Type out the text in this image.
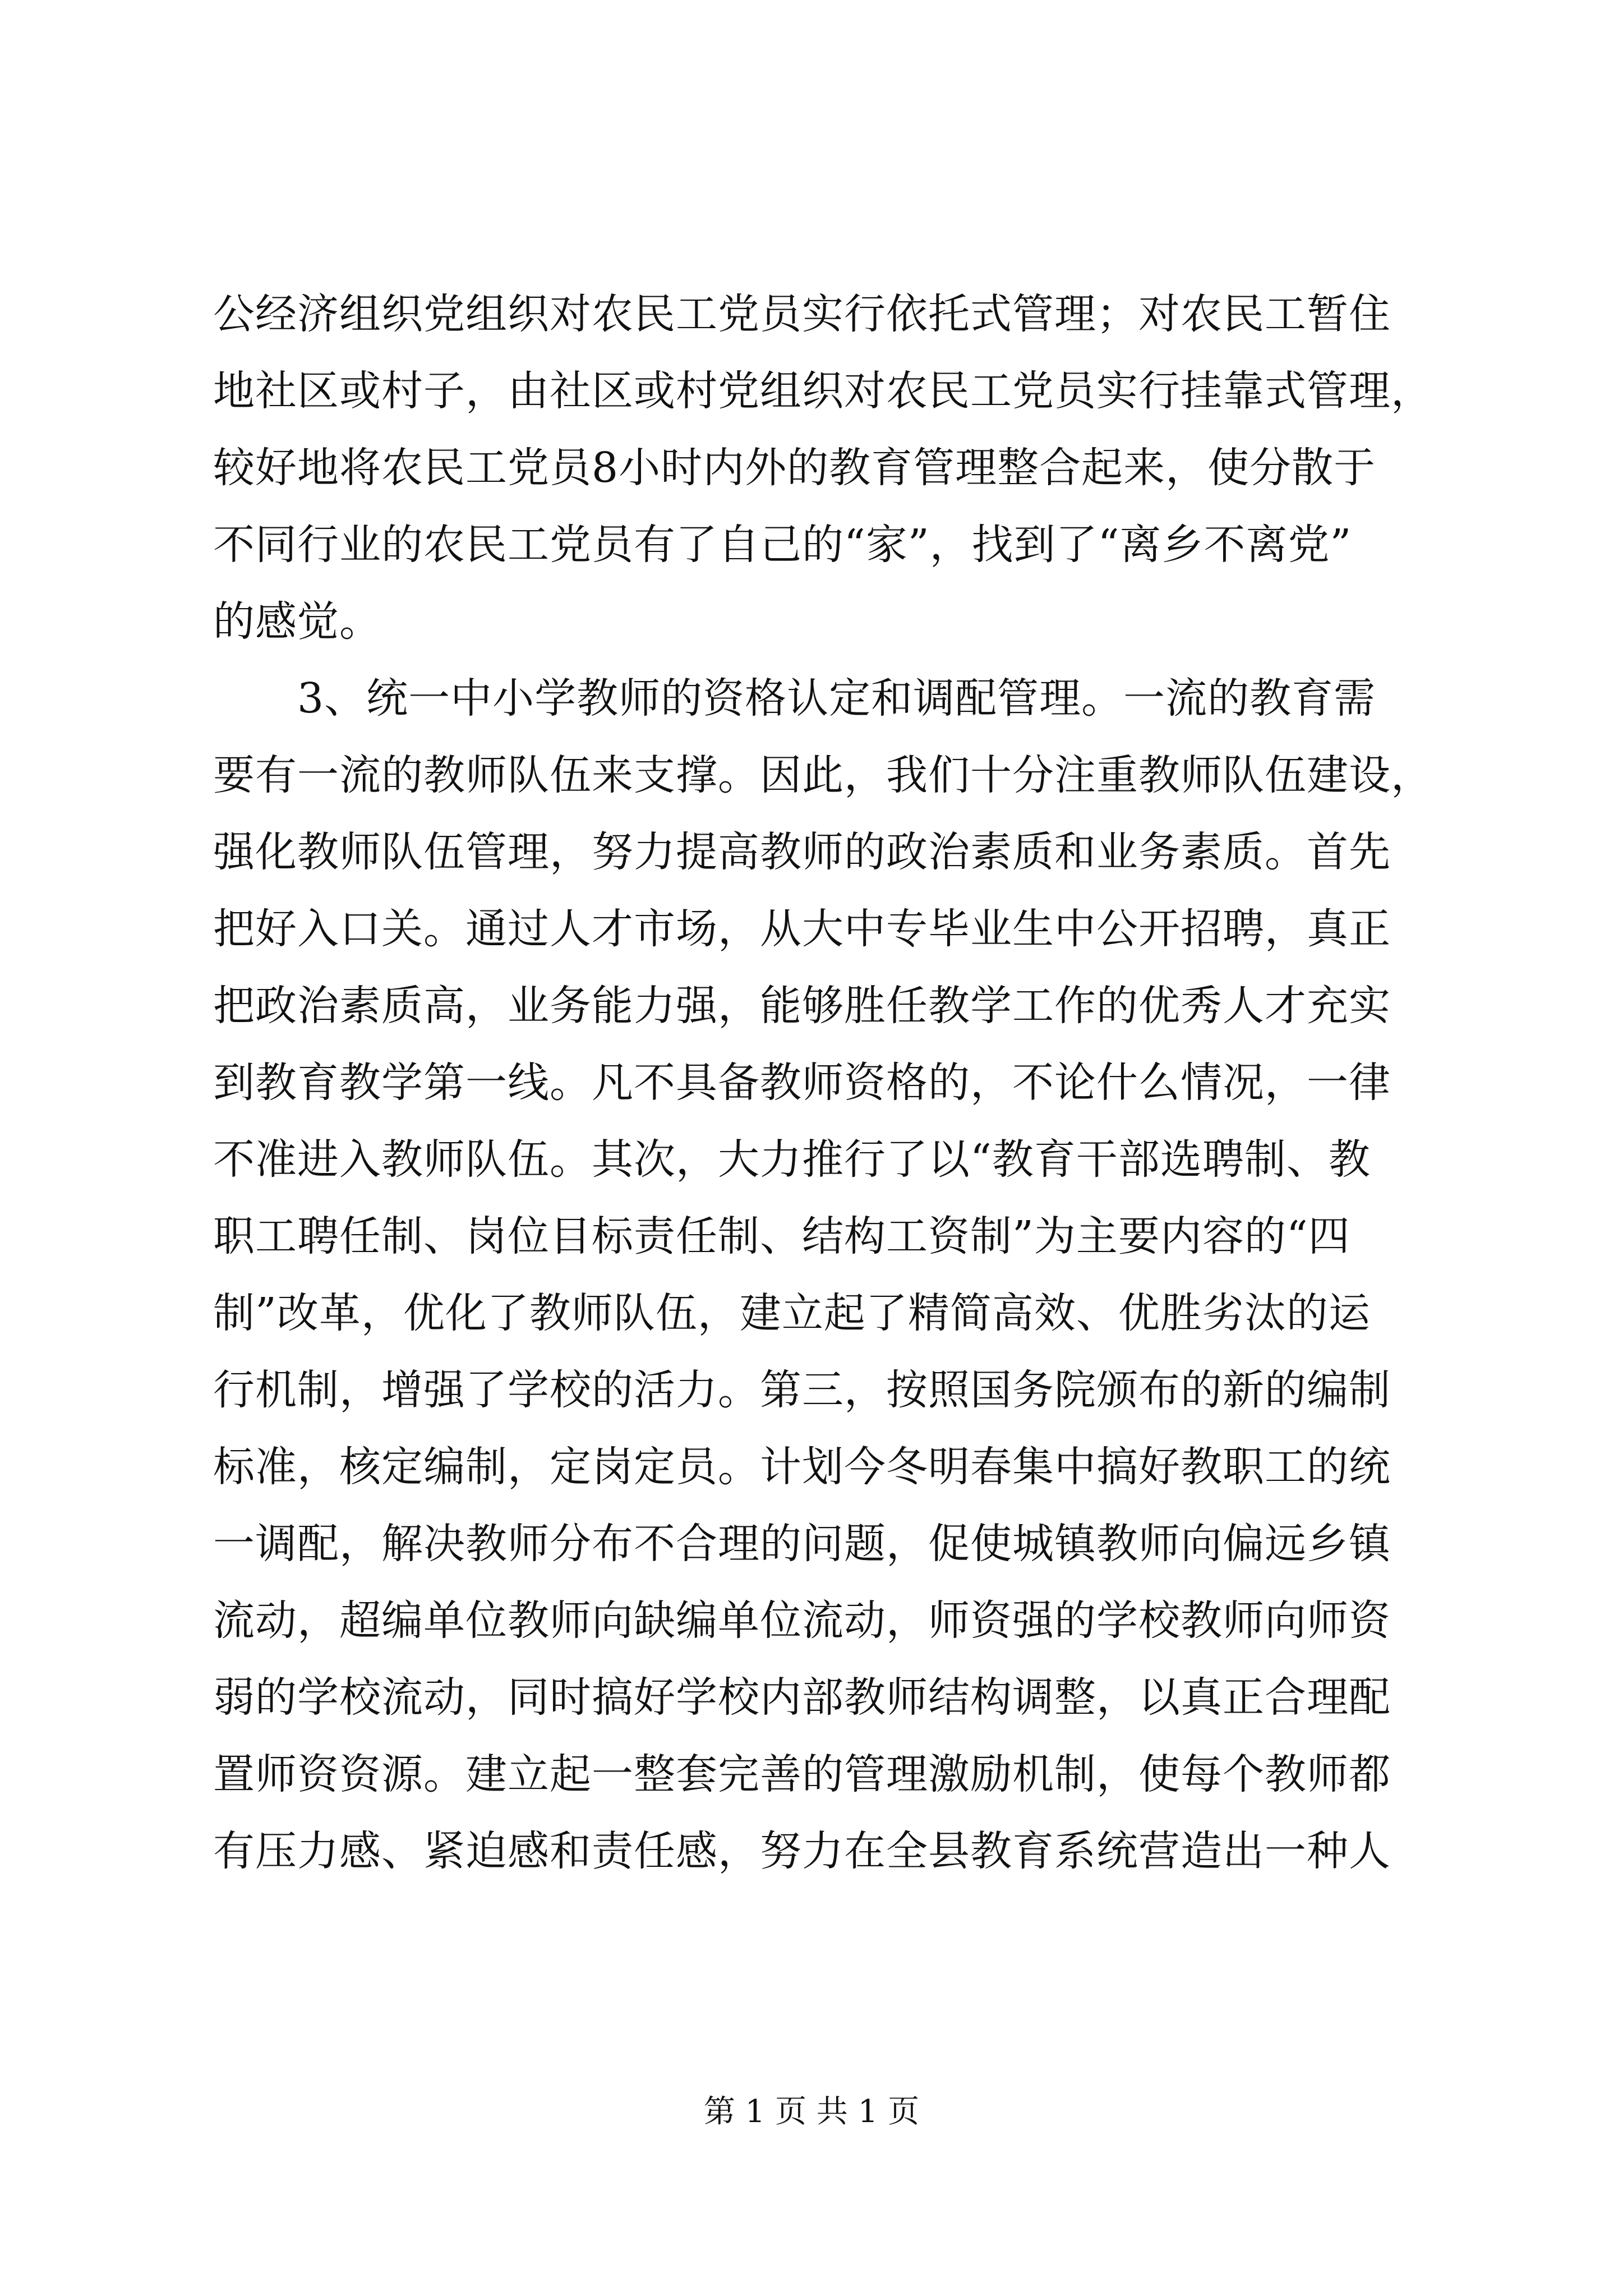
公经济组织党组织对农民工党员实行依托式管理；对农民工暂住
地社区或村子，由社区或村党组织对农民工党员实行挂靠式管理，
较好地将农民工党员8小时内外的教育管理整合起来，使分散于
不同行业的农民工党员有了自己的“家”，找到了“离乡不离党”
的感觉。
3、统一中小学教师的资格认定和调配管理。一流的教育需
要有一流的教师队伍来支撑。因此，我们十分注重教师队伍建设，
强化教师队伍管理，努力提高教师的政治素质和业务素质。首先
把好入口关。通过人才市场，从大中专毕业生中公开招聘，真正
把政治素质高，业务能力强，能够胜任教学工作的优秀人才充实
到教育教学第一线。凡不具备教师资格的，不论什么情况，一律
不准进入教师队伍。其次，大力推行了以“教育干部选聘制、教
职工聘任制、岗位目标责任制、结构工资制”为主要内容的“四
制”改革，优化了教师队伍，建立起了精简高效、优胜劣汰的运
行机制，增强了学校的活力。第三，按照国务院颁布的新的编制
标准，核定编制，定岗定员。计划今冬明春集中搞好教职工的统
一调配，解决教师分布不合理的问题，促使城镇教师向偏远乡镇
流动，超编单位教师向缺编单位流动，师资强的学校教师向师资
弱的学校流动，同时搞好学校内部教师结构调整，以真正合理配
置师资资源。建立起一整套完善的管理激励机制，使每个教师都
有压力感、紧迫感和责任感，努力在全县教育系统营造出一种人
第 1 页 共 1 页
